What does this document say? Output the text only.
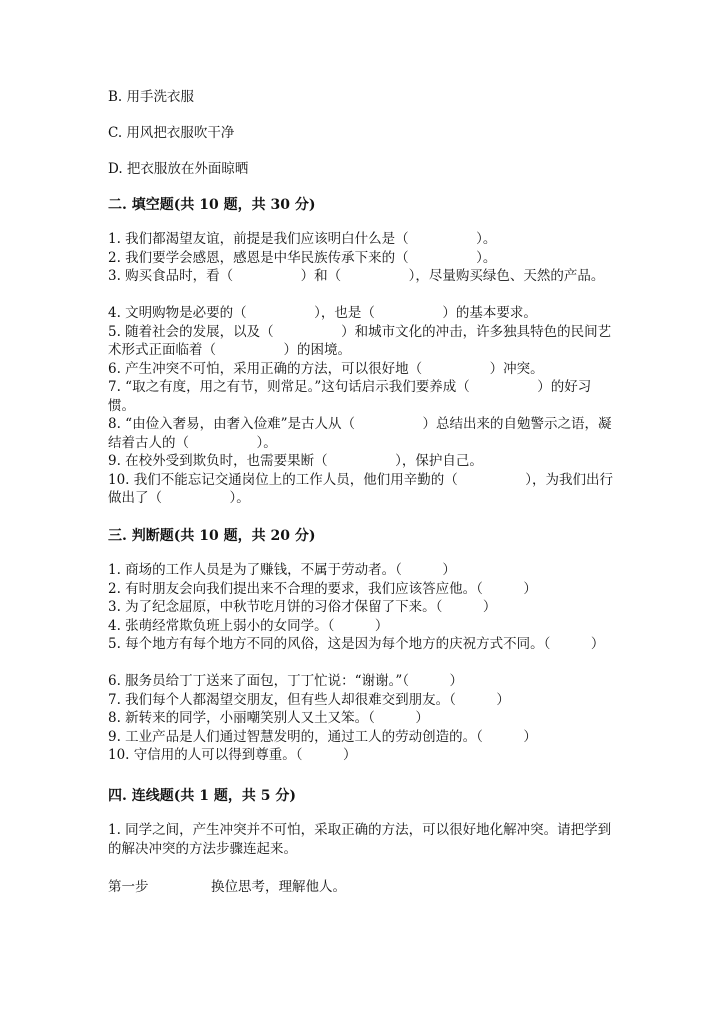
B. 用手洗衣服
C. 用风把衣服吹干净
D. 把衣服放在外面晾晒
二. 填空题(共 10 题，共 30 分)
1. 我们都渴望友谊，前提是我们应该明白什么是（　　　　　）。
2. 我们要学会感恩，感恩是中华民族传承下来的（　　　　　）。
3. 购买食品时，看（　　　　　）和（　　　　　），尽量购买绿色、天然的产品。
4. 文明购物是必要的（　　　　　），也是（　　　　　）的基本要求。
5. 随着社会的发展，以及（　　　　　）和城市文化的冲击，许多独具特色的民间艺术形式正面临着（　　　　　）的困境。
6. 产生冲突不可怕，采用正确的方法，可以很好地（　　　　　）冲突。
7. “取之有度，用之有节，则常足。”这句话启示我们要养成（　　　　　）的好习惯。
8. “由俭入奢易，由奢入俭难”是古人从（　　　　　）总结出来的自勉警示之语，凝结着古人的（　　　　　）。
9. 在校外受到欺负时，也需要果断（　　　　　），保护自己。
10. 我们不能忘记交通岗位上的工作人员，他们用辛勤的（　　　　　），为我们出行做出了（　　　　　）。
三. 判断题(共 10 题，共 20 分)
1. 商场的工作人员是为了赚钱，不属于劳动者。（　　　）
2. 有时朋友会向我们提出来不合理的要求，我们应该答应他。（　　　）
3. 为了纪念屈原，中秋节吃月饼的习俗才保留了下来。（　　　）
4. 张萌经常欺负班上弱小的女同学。（　　　）
5. 每个地方有每个地方不同的风俗，这是因为每个地方的庆祝方式不同。（　　　）
6. 服务员给丁丁送来了面包，丁丁忙说：“谢谢。”（　　　）
7. 我们每个人都渴望交朋友，但有些人却很难交到朋友。（　　　）
8. 新转来的同学，小丽嘲笑别人又土又笨。（　　　）
9. 工业产品是人们通过智慧发明的，通过工人的劳动创造的。（　　　）
10. 守信用的人可以得到尊重。（　　　）
四. 连线题(共 1 题，共 5 分)
1. 同学之间，产生冲突并不可怕，采取正确的方法，可以很好地化解冲突。请把学到的解决冲突的方法步骤连起来。
第一步	换位思考，理解他人。
